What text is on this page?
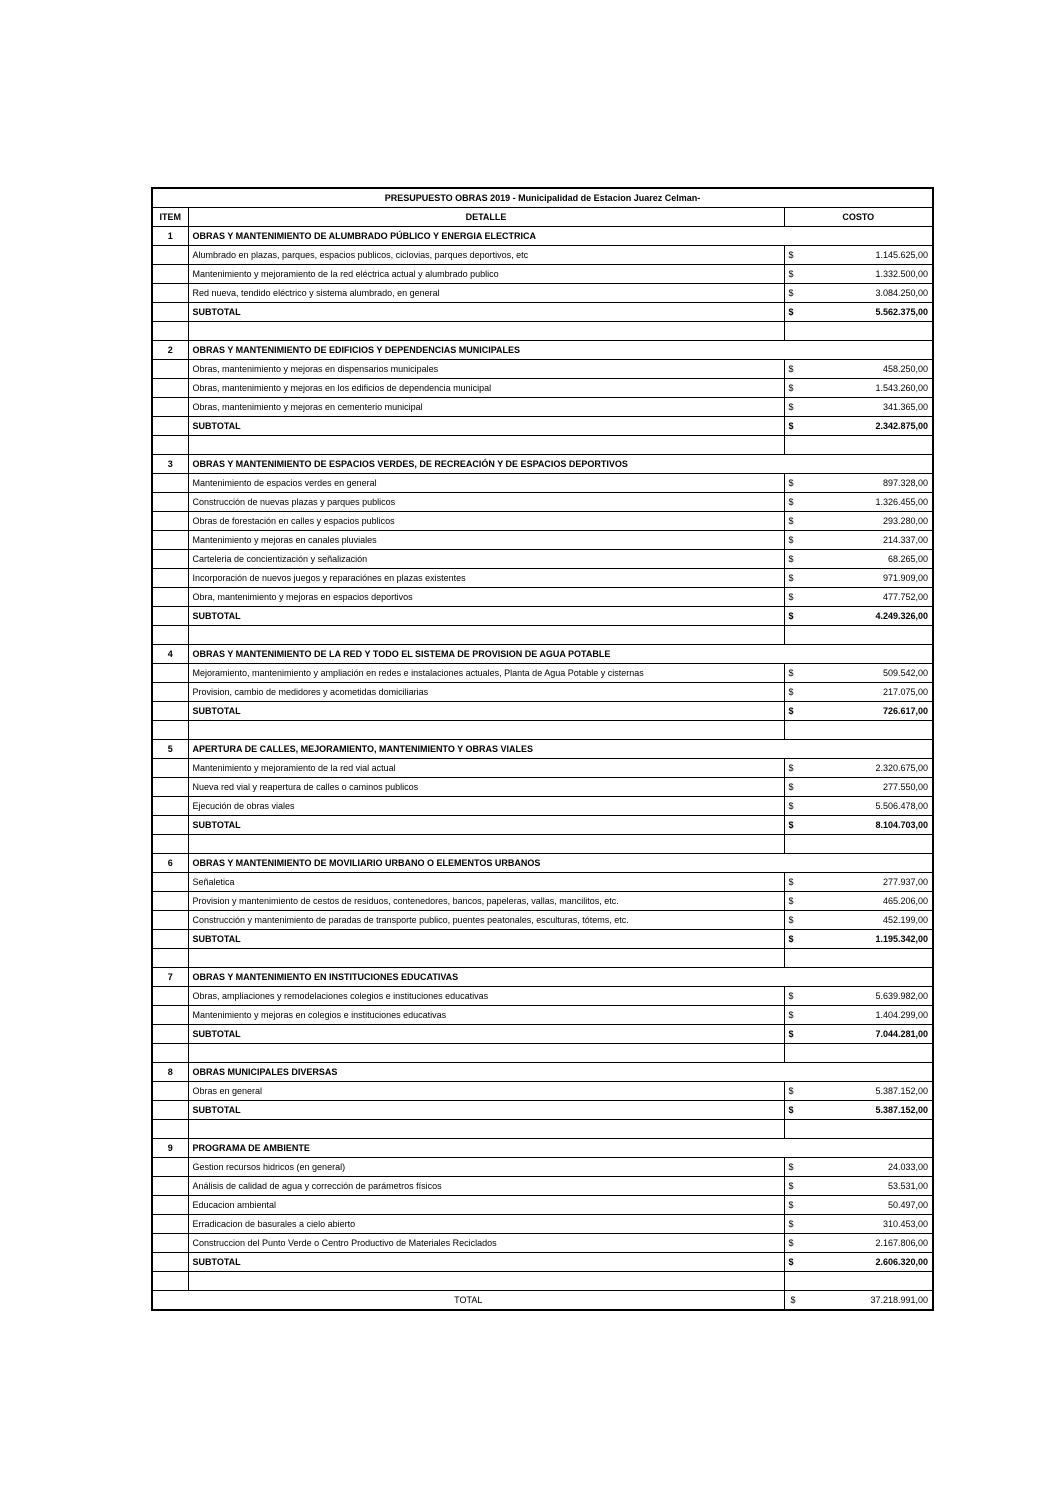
PRESUPUESTO OBRAS 2019 - Municipalidad de Estacion Juarez Celman-		
ITEM	DETALLE	COSTO
1	OBRAS Y MANTENIMIENTO DE ALUMBRADO PÚBLICO Y ENERGIA ELECTRICA	
	Alumbrado en plazas, parques, espacios publicos, ciclovias, parques deportivos, etc	$ 1.145.625,00
	Mantenimiento y mejoramiento de la red eléctrica actual y alumbrado publico	$ 1.332.500,00
	Red nueva, tendido eléctrico y sistema alumbrado, en general	$ 3.084.250,00
	SUBTOTAL	$ 5.562.375,00

2	OBRAS Y MANTENIMIENTO DE EDIFICIOS Y DEPENDENCIAS MUNICIPALES	
	Obras, mantenimiento y mejoras en dispensarios municipales	$ 458.250,00
	Obras, mantenimiento y mejoras en los edificios de dependencia municipal	$ 1.543.260,00
	Obras, mantenimiento y mejoras en cementerio municipal	$ 341.365,00
	SUBTOTAL	$ 2.342.875,00

3	OBRAS Y MANTENIMIENTO DE ESPACIOS VERDES, DE RECREACIÓN Y DE ESPACIOS DEPORTIVOS	
	Mantenimiento de espacios verdes en general	$ 897.328,00
	Construcción de nuevas plazas y parques publicos	$ 1.326.455,00
	Obras de forestación en calles y espacios publicos	$ 293.280,00
	Mantenimiento y mejoras en canales pluviales	$ 214.337,00
	Carteleria de concientización y señalización	$ 68.265,00
	Incorporación de nuevos juegos y reparaciónes en plazas existentes	$ 971.909,00
	Obra, mantenimiento y mejoras en espacios deportivos	$ 477.752,00
	SUBTOTAL	$ 4.249.326,00

4	OBRAS Y MANTENIMIENTO DE LA RED Y TODO EL SISTEMA DE PROVISION DE AGUA POTABLE	
	Mejoramiento, mantenimiento y ampliación en redes e instalaciones actuales, Planta de Agua Potable y cisternas	$ 509.542,00
	Provision, cambio de medidores y acometidas domiciliarias	$ 217.075,00
	SUBTOTAL	$ 726.617,00

5	APERTURA DE CALLES, MEJORAMIENTO, MANTENIMIENTO Y OBRAS VIALES	
	Mantenimiento y mejoramiento de la red vial actual	$ 2.320.675,00
	Nueva red vial y reapertura de calles o caminos publicos	$ 277.550,00
	Ejecución de obras viales	$ 5.506.478,00
	SUBTOTAL	$ 8.104.703,00

6	OBRAS Y MANTENIMIENTO DE MOVILIARIO URBANO O ELEMENTOS URBANOS	
	Señaletica	$ 277.937,00
	Provision y mantenimiento de cestos de residuos, contenedores, bancos, papeleras, vallas, mancilitos, etc.	$ 465.206,00
	Construcción y mantenimiento de paradas de transporte publico, puentes peatonales, esculturas, tótems, etc.	$ 452.199,00
	SUBTOTAL	$ 1.195.342,00

7	OBRAS Y MANTENIMIENTO EN INSTITUCIONES EDUCATIVAS	
	Obras, ampliaciones y remodelaciones colegios e instituciones educativas	$ 5.639.982,00
	Mantenimiento y mejoras en colegios e instituciones educativas	$ 1.404.299,00
	SUBTOTAL	$ 7.044.281,00

8	OBRAS MUNICIPALES DIVERSAS	
	Obras en general	$ 5.387.152,00
	SUBTOTAL	$ 5.387.152,00

9	PROGRAMA DE AMBIENTE	
	Gestion recursos hidricos (en general)	$ 24.033,00
	Análisis de calidad de agua y corrección de parámetros físicos	$ 53.531,00
	Educacion ambiental	$ 50.497,00
	Erradicacion de basurales a cielo abierto	$ 310.453,00
	Construccion del Punto Verde o Centro Productivo de Materiales Reciclados	$ 2.167.806,00
	SUBTOTAL	$ 2.606.320,00

TOTAL		$ 37.218.991,00
